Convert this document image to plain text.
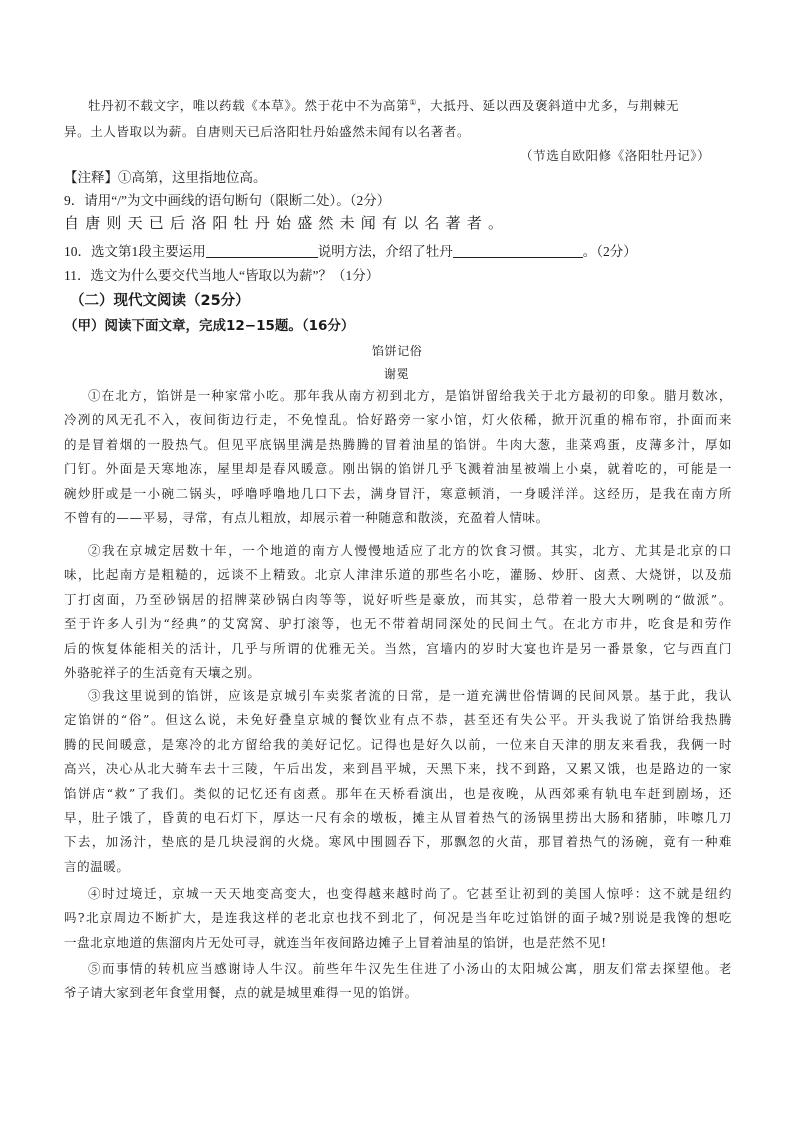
牡丹初不载文字，唯以药载《本草》。然于花中不为高第①，大抵丹、延以西及褒斜道中尤多，与荆棘无
异。土人皆取以为薪。自唐则天已后洛阳牡丹始盛然未闻有以名著者。
（节选自欧阳修《洛阳牡丹记》）
【注释】①高第，这里指地位高。
9．请用“/”为文中画线的语句断句（限断二处）。（2分）
自唐则天已后洛阳牡丹始盛然未闻有以名著者。
10．选文第1段主要运用	说明方法，介绍了牡丹	。（2分）
11．选文为什么要交代当地人“皆取以为薪”？（1分）
（二）现代文阅读（25分）
（甲）阅读下面文章，完成12−15题。（16分）
馅饼记俗
谢冕
①在北方，馅饼是一种家常小吃。那年我从南方初到北方，是馅饼留给我关于北方最初的印象。腊月数冰，
冷冽的风无孔不入，夜间街边行走，不免惶乱。恰好路旁一家小馆，灯火依稀，掀开沉重的棉布帘，扑面而来
的是冒着烟的一股热气。但见平底锅里满是热腾腾的冒着油星的馅饼。牛肉大葱，韭菜鸡蛋，皮薄多汁，厚如
门钉。外面是天寒地冻，屋里却是春风暖意。刚出锅的馅饼几乎飞溅着油星被端上小桌，就着吃的，可能是一
碗炒肝或是一小碗二锅头，呼噜呼噜地几口下去，满身冒汗，寒意顿消，一身暖洋洋。这经历，是我在南方所
不曾有的——平易，寻常，有点儿粗放，却展示着一种随意和散淡，充盈着人情味。
②我在京城定居数十年，一个地道的南方人慢慢地适应了北方的饮食习惯。其实，北方、尤其是北京的口
味，比起南方是粗糙的，远谈不上精致。北京人津津乐道的那些名小吃，灌肠、炒肝、卤煮、大烧饼，以及茄
丁打卤面，乃至砂锅居的招牌菜砂锅白肉等等，说好听些是豪放，而其实，总带着一股大大咧咧的“做派”。
至于许多人引为“经典”的艾窝窝、驴打滚等，也无不带着胡同深处的民间土气。在北方市井，吃食是和劳作
后的恢复体能相关的活计，几乎与所谓的优雅无关。当然，宫墙内的岁时大宴也许是另一番景象，它与西直门
外骆驼祥子的生活竟有天壤之别。
③我这里说到的馅饼，应该是京城引车卖浆者流的日常，是一道充满世俗情调的民间风景。基于此，我认
定馅饼的“俗”。但这么说，未免好叠皇京城的餐饮业有点不恭，甚至还有失公平。开头我说了馅饼给我热腾
腾的民间暖意，是寒冷的北方留给我的美好记忆。记得也是好久以前，一位来自天津的朋友来看我，我俩一时
高兴，决心从北大骑车去十三陵，午后出发，来到昌平城，天黑下来，找不到路，又累又饿，也是路边的一家
馅饼店“救”了我们。类似的记忆还有卤煮。那年在天桥看演出，也是夜晚，从西郊乘有轨电车赶到剧场，还
早，肚子饿了，昏黄的电石灯下，厚达一尺有余的墩板，摊主从冒着热气的汤锅里捞出大肠和猪肺，咔嚓几刀
下去，加汤汁，垫底的是几块浸润的火烧。寒风中围圆吞下，那飘忽的火苗，那冒着热气的汤碗，竟有一种难
言的温暖。
④时过境迁，京城一天天地变高变大，也变得越来越时尚了。它甚至让初到的美国人惊呼：这不就是纽约
吗?北京周边不断扩大，是连我这样的老北京也找不到北了，何况是当年吃过馅饼的面子城?别说是我馋的想吃
一盘北京地道的焦溜肉片无处可寻，就连当年夜间路边摊子上冒着油星的馅饼，也是茫然不见!
⑤而事情的转机应当感谢诗人牛汉。前些年牛汉先生住进了小汤山的太阳城公寓，朋友们常去探望他。老
爷子请大家到老年食堂用餐，点的就是城里难得一见的馅饼。
